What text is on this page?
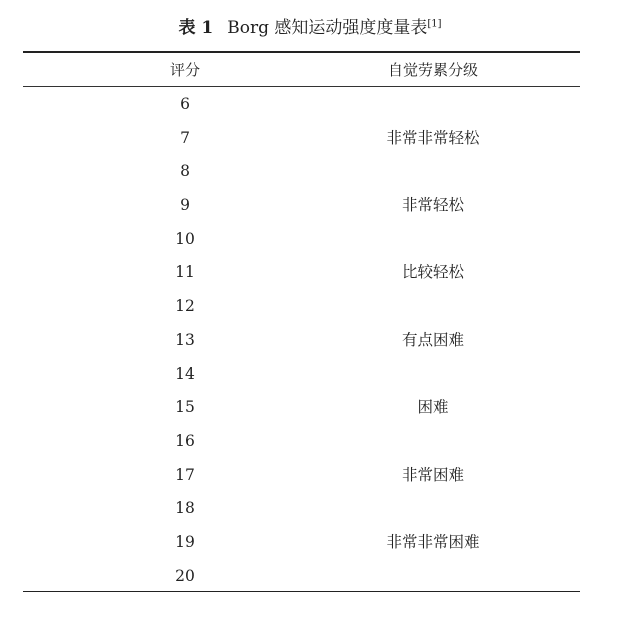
表 1 Borg 感知运动强度度量表[1]
评分	自觉劳累分级
6
7	非常非常轻松
8
9	非常轻松
10
11	比较轻松
12
13	有点困难
14
15	困难
16
17	非常困难
18
19	非常非常困难
20
